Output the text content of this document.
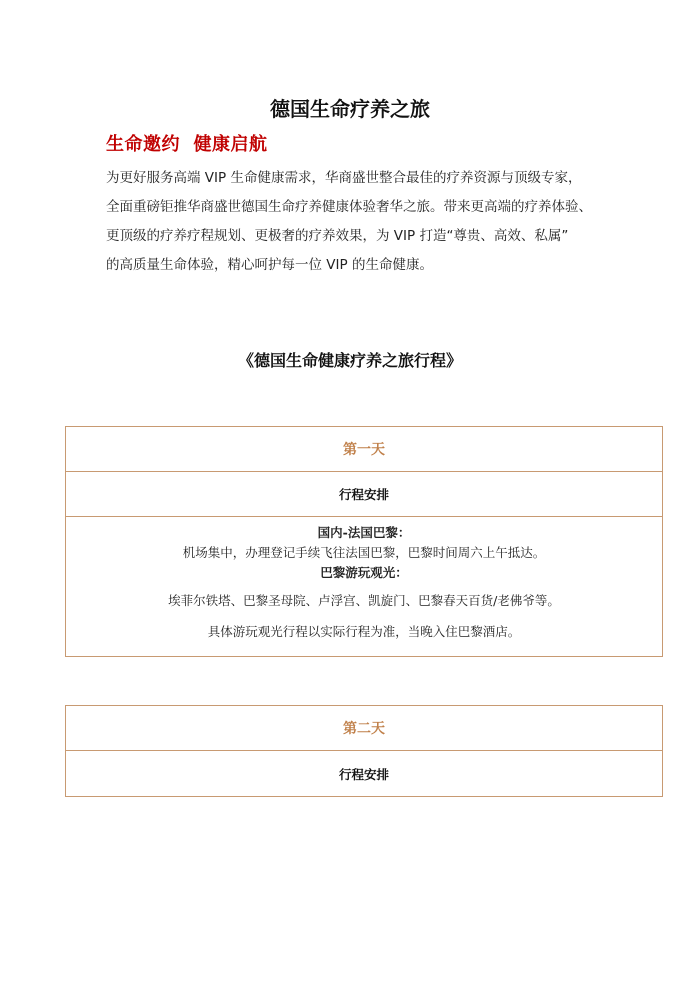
德国生命疗养之旅
生命邀约  健康启航
为更好服务高端 VIP 生命健康需求，华商盛世整合最佳的疗养资源与顶级专家，
全面重磅钜推华商盛世德国生命疗养健康体验奢华之旅。带来更高端的疗养体验、
更顶级的疗养疗程规划、更极奢的疗养效果，为 VIP 打造“尊贵、高效、私属”
的高质量生命体验，精心呵护每一位 VIP 的生命健康。
《德国生命健康疗养之旅行程》
第一天
行程安排
国内-法国巴黎：
机场集中，办理登记手续飞往法国巴黎，巴黎时间周六上午抵达。
巴黎游玩观光：
埃菲尔铁塔、巴黎圣母院、卢浮宫、凯旋门、巴黎春天百货/老佛爷等。
具体游玩观光行程以实际行程为准，当晚入住巴黎酒店。
第二天
行程安排
